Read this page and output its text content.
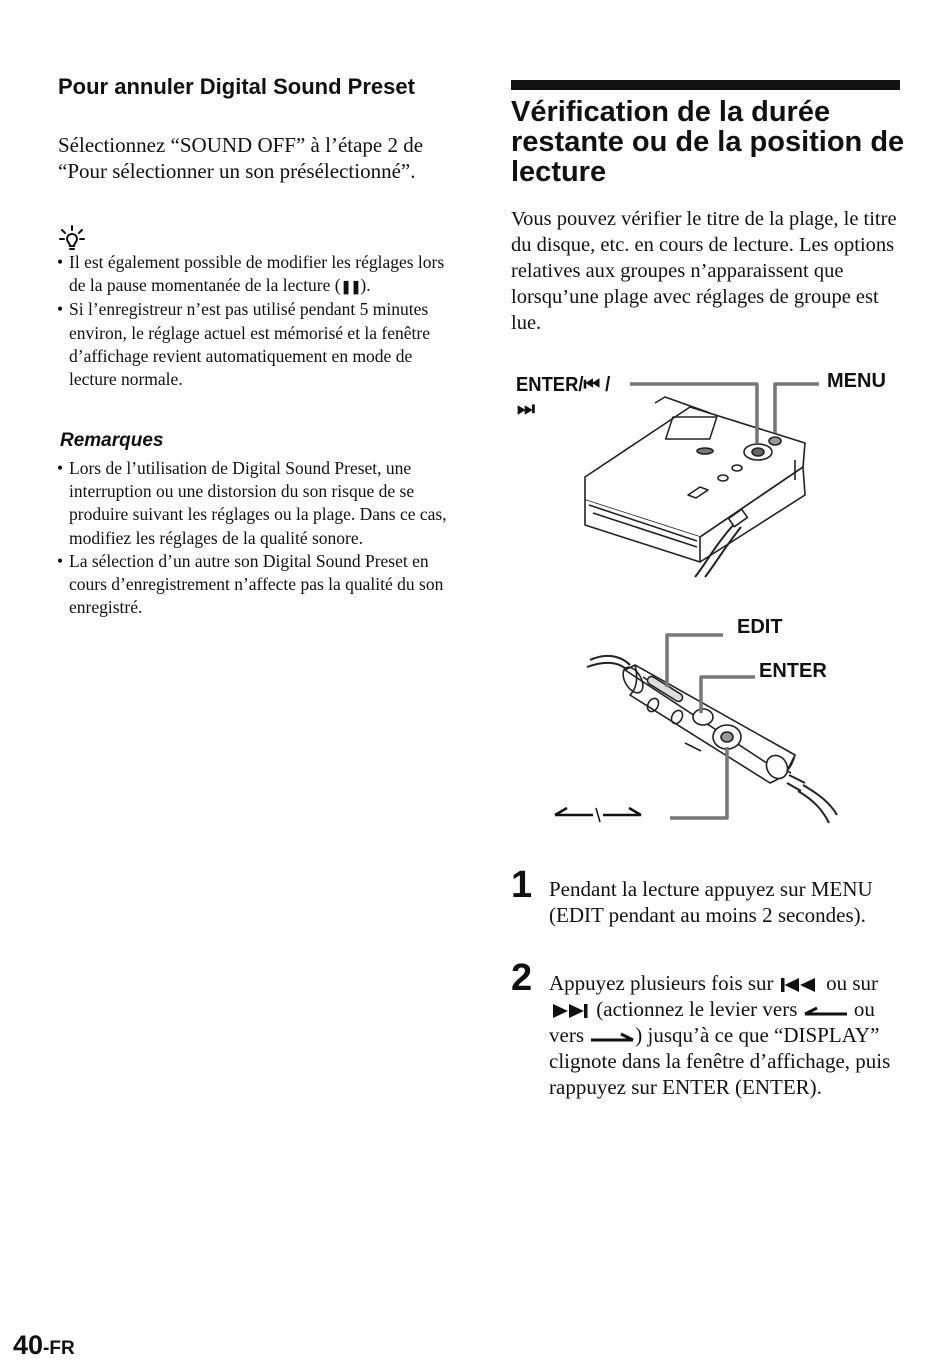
Pour annuler Digital Sound Preset
Sélectionnez “SOUND OFF” à l’étape 2 de “Pour sélectionner un son présélectionné”.
• Il est également possible de modifier les réglages lors de la pause momentanée de la lecture (❚❚).
• Si l’enregistreur n’est pas utilisé pendant 5 minutes environ, le réglage actuel est mémorisé et la fenêtre d’affichage revient automatiquement en mode de lecture normale.
Remarques
• Lors de l’utilisation de Digital Sound Preset, une interruption ou une distorsion du son risque de se produire suivant les réglages ou la plage. Dans ce cas, modifiez les réglages de la qualité sonore.
• La sélection d’un autre son Digital Sound Preset en cours d’enregistrement n’affecte pas la qualité du son enregistré.
Vérification de la durée restante ou de la position de lecture
Vous pouvez vérifier le titre de la plage, le titre du disque, etc. en cours de lecture. Les options relatives aux groupes n’apparaissent que lorsqu’une plage avec réglages de groupe est lue.
ENTER/⏮ /
⏭
MENU
EDIT
ENTER
1 Pendant la lecture appuyez sur MENU (EDIT pendant au moins 2 secondes).
2 Appuyez plusieurs fois sur	ou sur  (actionnez le levier vers	ou vers ) jusqu’à ce que “DISPLAY” clignote dans la fenêtre d’affichage, puis rappuyez sur ENTER (ENTER).
40-FR
